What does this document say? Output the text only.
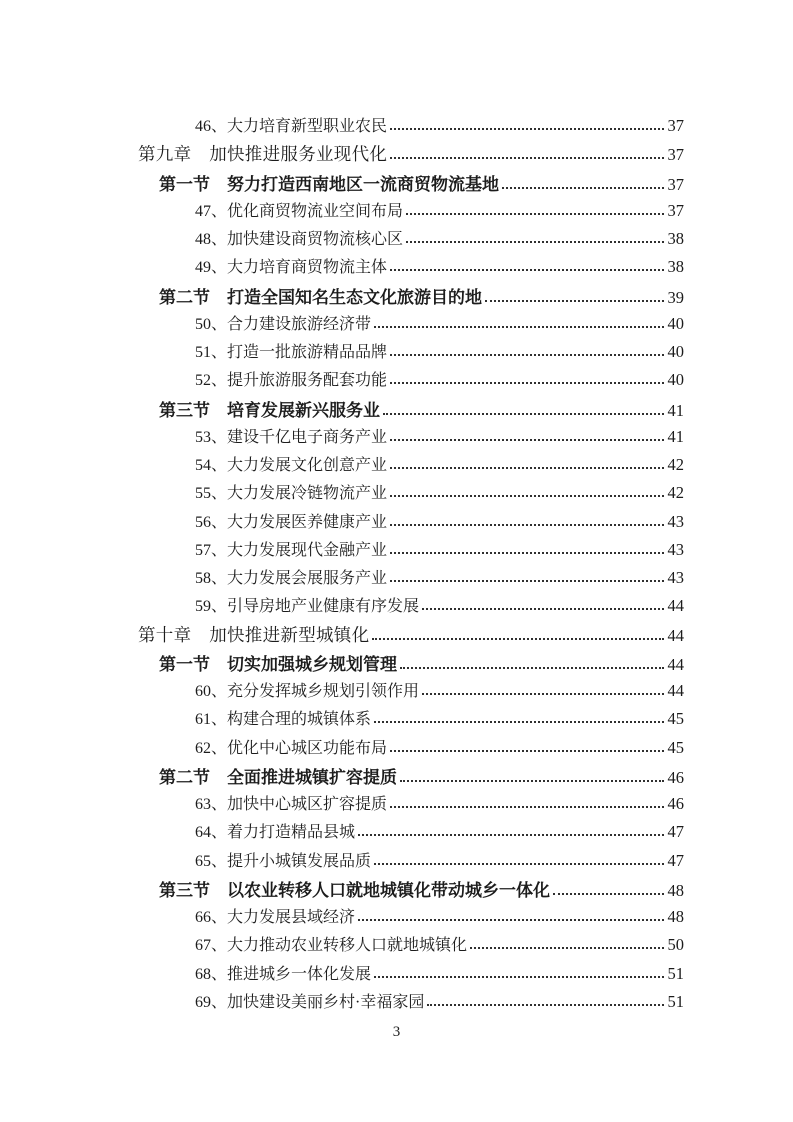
46、大力培育新型职业农民	37
第九章　加快推进服务业现代化	37
第一节　努力打造西南地区一流商贸物流基地	37
47、优化商贸物流业空间布局	37
48、加快建设商贸物流核心区	38
49、大力培育商贸物流主体	38
第二节　打造全国知名生态文化旅游目的地	39
50、合力建设旅游经济带	40
51、打造一批旅游精品品牌	40
52、提升旅游服务配套功能	40
第三节　培育发展新兴服务业	41
53、建设千亿电子商务产业	41
54、大力发展文化创意产业	42
55、大力发展冷链物流产业	42
56、大力发展医养健康产业	43
57、大力发展现代金融产业	43
58、大力发展会展服务产业	43
59、引导房地产业健康有序发展	44
第十章　加快推进新型城镇化	44
第一节　切实加强城乡规划管理	44
60、充分发挥城乡规划引领作用	44
61、构建合理的城镇体系	45
62、优化中心城区功能布局	45
第二节　全面推进城镇扩容提质	46
63、加快中心城区扩容提质	46
64、着力打造精品县城	47
65、提升小城镇发展品质	47
第三节　以农业转移人口就地城镇化带动城乡一体化	48
66、大力发展县域经济	48
67、大力推动农业转移人口就地城镇化	50
68、推进城乡一体化发展	51
69、加快建设美丽乡村·幸福家园	51
3
